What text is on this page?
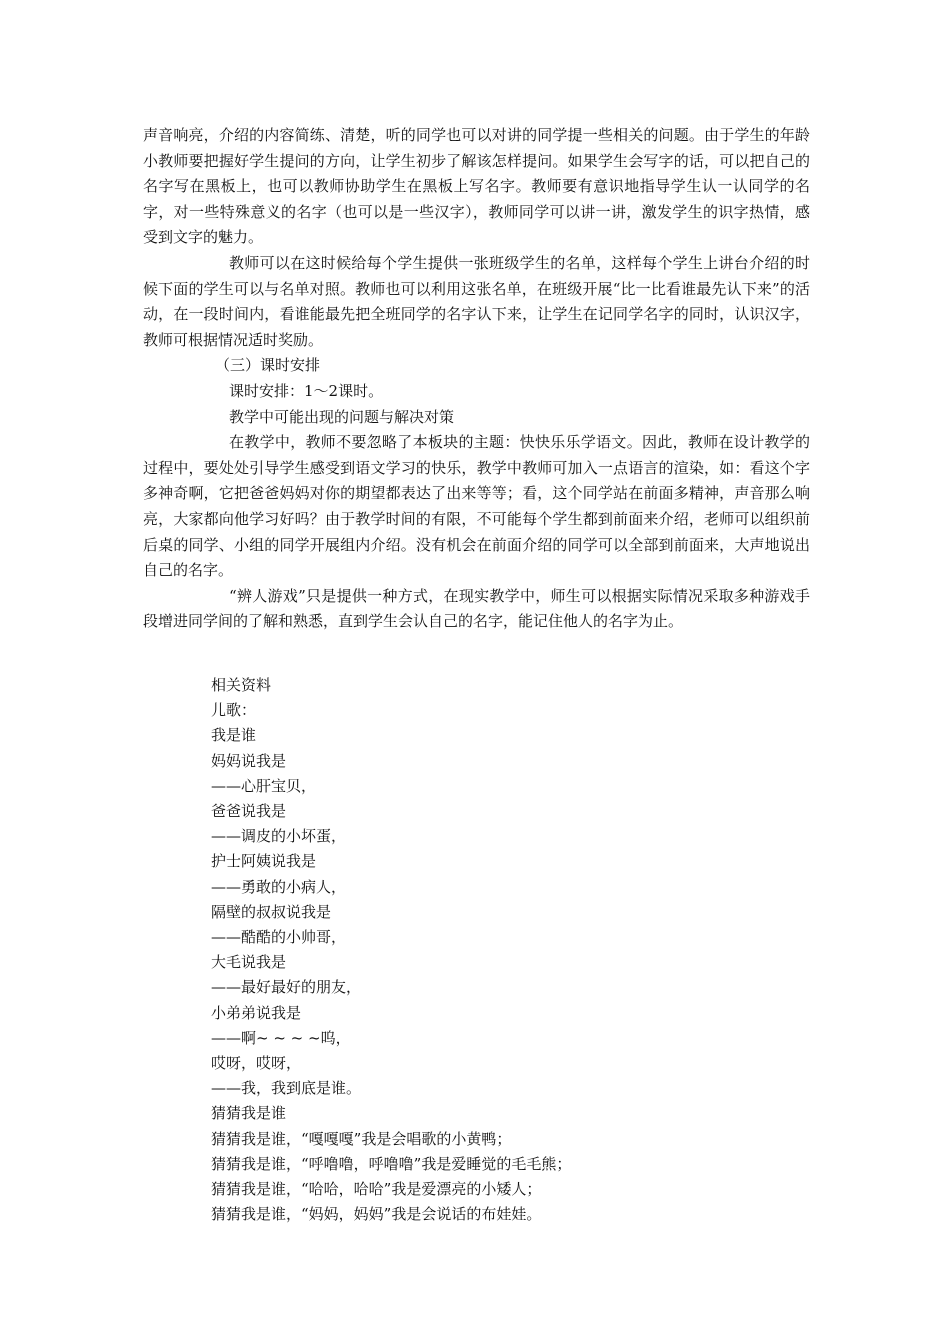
声音响亮，介绍的内容简练、清楚，听的同学也可以对讲的同学提一些相关的问题。由于学生的年龄小教师要把握好学生提问的方向，让学生初步了解该怎样提问。如果学生会写字的话，可以把自己的名字写在黑板上，也可以教师协助学生在黑板上写名字。教师要有意识地指导学生认一认同学的名字，对一些特殊意义的名字（也可以是一些汉字），教师同学可以讲一讲，激发学生的识字热情，感受到文字的魅力。

教师可以在这时候给每个学生提供一张班级学生的名单，这样每个学生上讲台介绍的时候下面的学生可以与名单对照。教师也可以利用这张名单，在班级开展“比一比看谁最先认下来”的活动，在一段时间内，看谁能最先把全班同学的名字认下来，让学生在记同学名字的同时，认识汉字，教师可根据情况适时奖励。

（三）课时安排

课时安排：1～2课时。

教学中可能出现的问题与解决对策

在教学中，教师不要忽略了本板块的主题：快快乐乐学语文。因此，教师在设计教学的过程中，要处处引导学生感受到语文学习的快乐，教学中教师可加入一点语言的渲染，如：看这个字多神奇啊，它把爸爸妈妈对你的期望都表达了出来等等；看，这个同学站在前面多精神，声音那么响亮，大家都向他学习好吗？由于教学时间的有限，不可能每个学生都到前面来介绍，老师可以组织前后桌的同学、小组的同学开展组内介绍。没有机会在前面介绍的同学可以全部到前面来，大声地说出自己的名字。

“辨人游戏”只是提供一种方式，在现实教学中，师生可以根据实际情况采取多种游戏手段增进同学间的了解和熟悉，直到学生会认自己的名字，能记住他人的名字为止。

相关资料
儿歌：
我是谁
妈妈说我是
——心肝宝贝，
爸爸说我是
——调皮的小坏蛋，
护士阿姨说我是
——勇敢的小病人，
隔壁的叔叔说我是
——酷酷的小帅哥，
大毛说我是
——最好最好的朋友，
小弟弟说我是
——啊~ ~ ~ ~呜，
哎呀，哎呀，
——我，我到底是谁。
猜猜我是谁
猜猜我是谁，“嘎嘎嘎”我是会唱歌的小黄鸭；
猜猜我是谁，“呼噜噜，呼噜噜”我是爱睡觉的毛毛熊；
猜猜我是谁，“哈哈，哈哈”我是爱漂亮的小矮人；
猜猜我是谁，“妈妈，妈妈”我是会说话的布娃娃。
